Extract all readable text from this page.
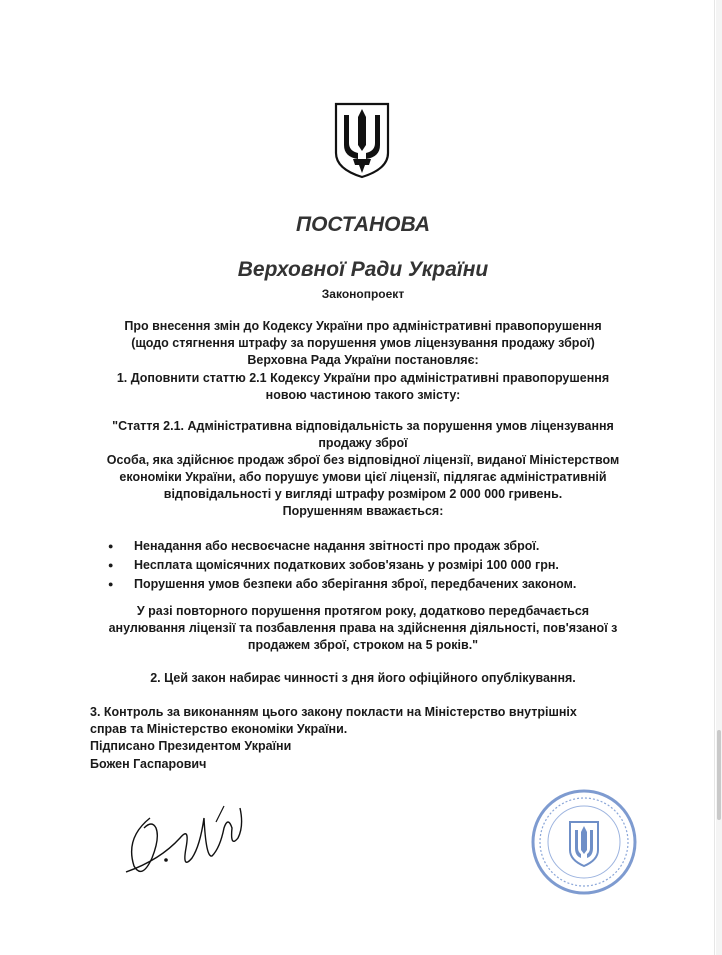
ПОСТАНОВА
Верховної Ради України
Законопроект
Про внесення змін до Кодексу України про адміністративні правопорушення
(щодо стягнення штрафу за порушення умов ліцензування продажу зброї)
Верховна Рада України постановляє:
1. Доповнити статтю 2.1 Кодексу України про адміністративні правопорушення
новою частиною такого змісту:
"Стаття 2.1. Адміністративна відповідальність за порушення умов ліцензування
продажу зброї
Особа, яка здійснює продаж зброї без відповідної ліцензії, виданої Міністерством
економіки України, або порушує умови цієї ліцензії, підлягає адміністративній
відповідальності у вигляді штрафу розміром 2 000 000 гривень.
Порушенням вважається:
● Ненадання або несвоєчасне надання звітності про продаж зброї.
● Несплата щомісячних податкових зобов'язань у розмірі 100 000 грн.
● Порушення умов безпеки або зберігання зброї, передбачених законом.
У разі повторного порушення протягом року, додатково передбачається
анулювання ліцензії та позбавлення права на здійснення діяльності, пов'язаної з
продажем зброї, строком на 5 років."
2. Цей закон набирає чинності з дня його офіційного опублікування.
3. Контроль за виконанням цього закону покласти на Міністерство внутрішніх
справ та Міністерство економіки України.
Підписано Президентом України
Божен Гаспарович
